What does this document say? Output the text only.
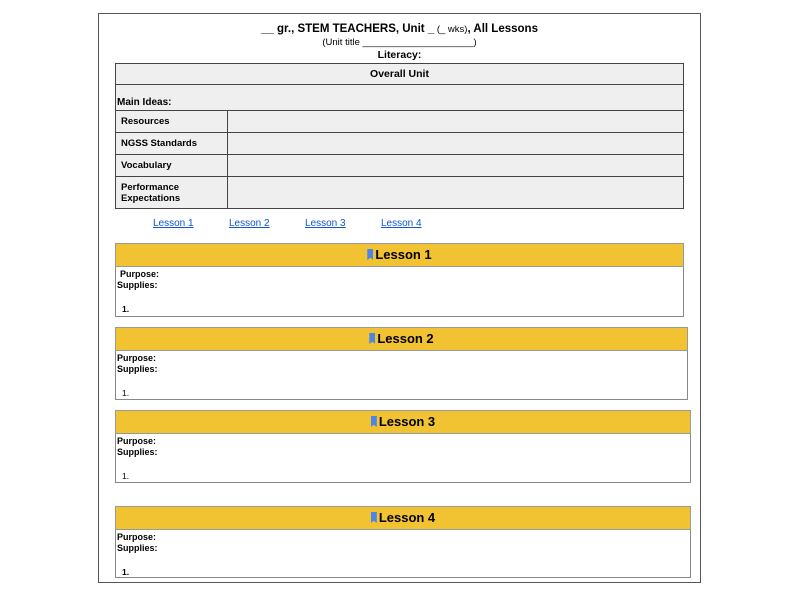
__ gr., STEM TEACHERS, Unit _ (_ wks), All Lessons
(Unit title _____________________)
Literacy:
Overall Unit
Main Ideas:
Resources
NGSS Standards
Vocabulary
Performance Expectations
Lesson 1	Lesson 2	Lesson 3	Lesson 4
Lesson 1
Purpose:
Supplies:
1.
Lesson 2
Purpose:
Supplies:
1.
Lesson 3
Purpose:
Supplies:
1.
Lesson 4
Purpose:
Supplies:
1.
